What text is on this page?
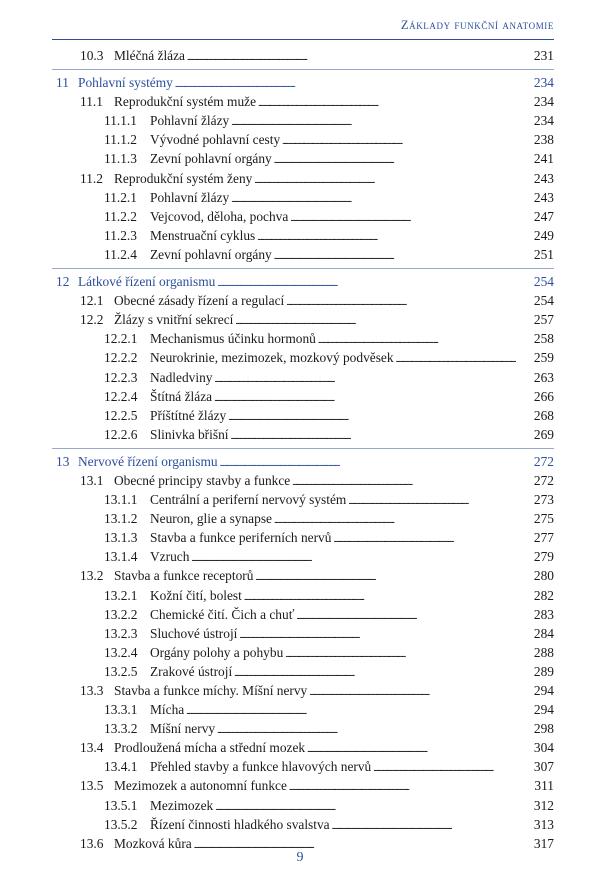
Základy funkční anatomie
10.3 Mléčná žláza . . .	231
11 Pohlavní systémy . . .	234
11.1 Reprodukční systém muže . . .	234
11.1.1 Pohlavní žlázy . . .	234
11.1.2 Vývodné pohlavní cesty . . .	238
11.1.3 Zevní pohlavní orgány . . .	241
11.2 Reprodukční systém ženy . . .	243
11.2.1 Pohlavní žlázy . . .	243
11.2.2 Vejcovod, děloha, pochva . . .	247
11.2.3 Menstruační cyklus . . .	249
11.2.4 Zevní pohlavní orgány . . .	251
12 Látkové řízení organismu . . .	254
12.1 Obecné zásady řízení a regulací . . .	254
12.2 Žlázy s vnitřní sekrecí . . .	257
12.2.1 Mechanismus účinku hormonů . . .	258
12.2.2 Neurokrinie, mezimozek, mozkový podvěsek . . .	259
12.2.3 Nadledviny . . .	263
12.2.4 Štítná žláza . . .	266
12.2.5 Příštítné žlázy . . .	268
12.2.6 Slinivka břišní . . .	269
13 Nervové řízení organismu . . .	272
13.1 Obecné principy stavby a funkce . . .	272
13.1.1 Centrální a periferní nervový systém . . .	273
13.1.2 Neuron, glie a synapse . . .	275
13.1.3 Stavba a funkce periferních nervů . . .	277
13.1.4 Vzruch . . .	279
13.2 Stavba a funkce receptorů . . .	280
13.2.1 Kožní čití, bolest . . .	282
13.2.2 Chemické čití. Čich a chuť . . .	283
13.2.3 Sluchové ústrojí . . .	284
13.2.4 Orgány polohy a pohybu . . .	288
13.2.5 Zrakové ústrojí . . .	289
13.3 Stavba a funkce míchy. Míšní nervy . . .	294
13.3.1 Mícha . . .	294
13.3.2 Míšní nervy . . .	298
13.4 Prodloužená mícha a střední mozek . . .	304
13.4.1 Přehled stavby a funkce hlavových nervů . . .	307
13.5 Mezimozek a autonomní funkce . . .	311
13.5.1 Mezimozek . . .	312
13.5.2 Řízení činnosti hladkého svalstva . . .	313
13.6 Mozková kůra . . .	317
9
